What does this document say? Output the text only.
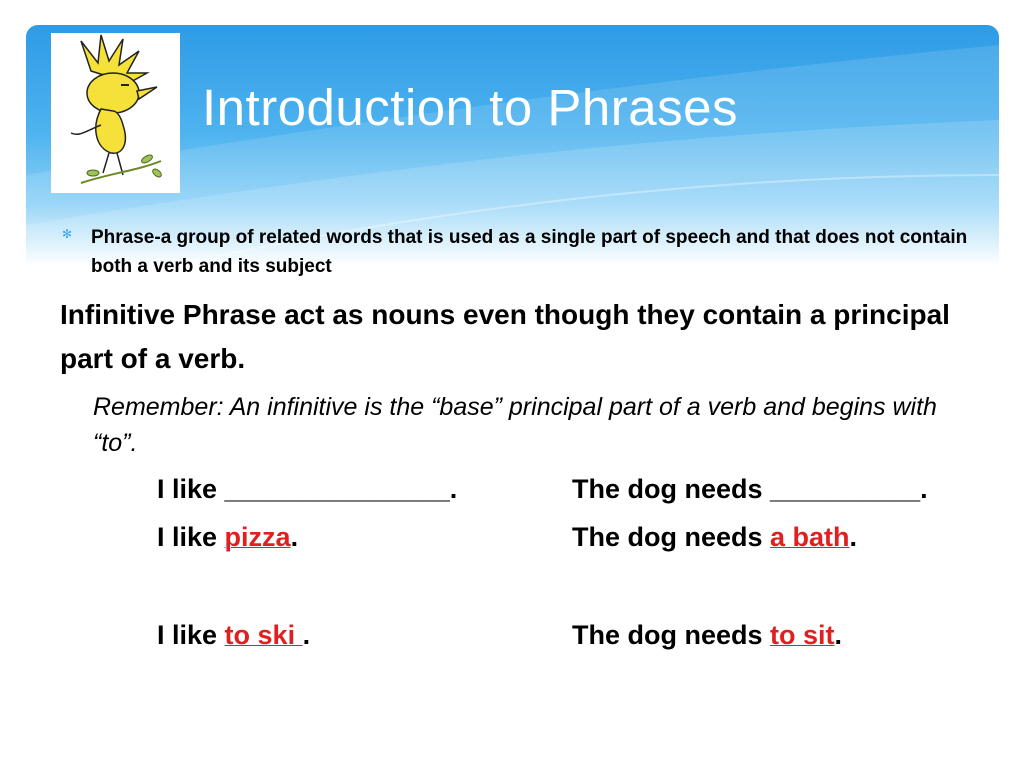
Introduction to Phrases
✻ Phrase-a group of related words that is used as a single part of speech and that does not contain both a verb and its subject
Infinitive Phrase act as nouns even though they contain a principal part of a verb.
Remember: An infinitive is the “base” principal part of a verb and begins with “to”.
I like _______________.	The dog needs __________.
I like pizza.	The dog needs a bath.
I like to ski .	The dog needs to sit.
